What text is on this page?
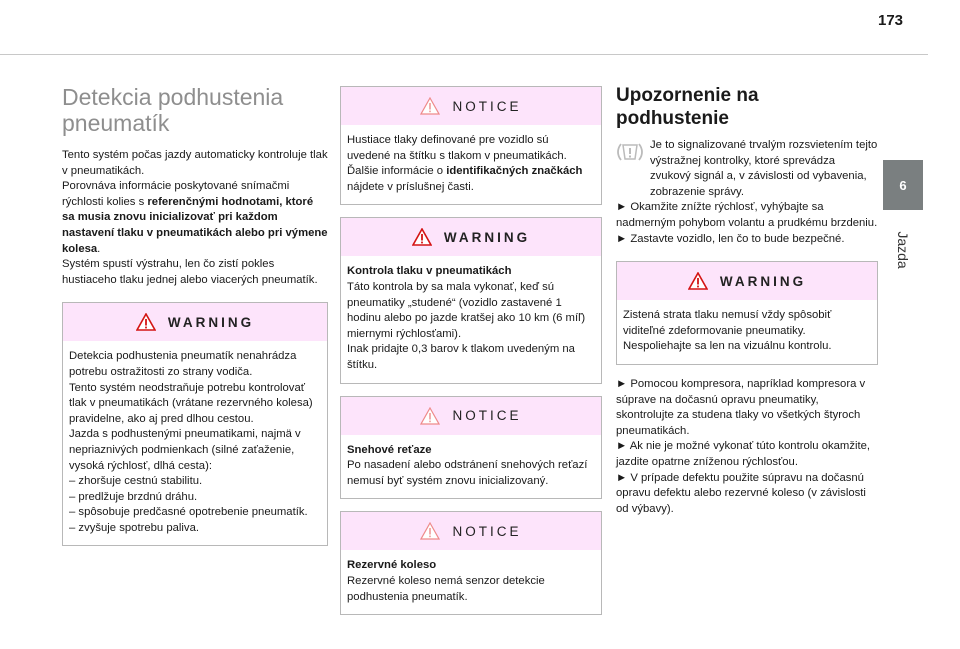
173
6
Jazda
Detekcia podhustenia
pneumatík

Tento systém počas jazdy automaticky kontroluje tlak v pneumatikách.
Porovnáva informácie poskytované snímačmi rýchlosti kolies s referenčnými hodnotami, ktoré sa musia znovu inicializovať pri každom nastavení tlaku v pneumatikách alebo pri výmene kolesa.
Systém spustí výstrahu, len čo zistí pokles hustiaceho tlaku jednej alebo viacerých pneumatík.

WARNING
Detekcia podhustenia pneumatík nenahrádza potrebu ostražitosti zo strany vodiča.
Tento systém neodstraňuje potrebu kontrolovať tlak v pneumatikách (vrátane rezervného kolesa) pravidelne, ako aj pred dlhou cestou.
Jazda s podhustenými pneumatikami, najmä v nepriaznivých podmienkach (silné zaťaženie, vysoká rýchlosť, dlhá cesta):
– zhoršuje cestnú stabilitu.
– predlžuje brzdnú dráhu.
– spôsobuje predčasné opotrebenie pneumatík.
– zvyšuje spotrebu paliva.
NOTICE
Hustiace tlaky definované pre vozidlo sú uvedené na štítku s tlakom v pneumatikách.
Ďalšie informácie o identifikačných značkách nájdete v príslušnej časti.
WARNING
Kontrola tlaku v pneumatikách
Táto kontrola by sa mala vykonať, keď sú pneumatiky „studené“ (vozidlo zastavené 1 hodinu alebo po jazde kratšej ako 10 km (6 míľ) miernymi rýchlosťami).
Inak pridajte 0,3 barov k tlakom uvedeným na štítku.
NOTICE
Snehové reťaze
Po nasadení alebo odstránení snehových reťazí nemusí byť systém znovu inicializovaný.
NOTICE
Rezervné koleso
Rezervné koleso nemá senzor detekcie podhustenia pneumatík.
Upozornenie na
podhustenie
Je to signalizované trvalým rozsvietením tejto výstražnej kontrolky, ktoré sprevádza zvukový signál a, v závislosti od vybavenia, zobrazenie správy.
► Okamžite znížte rýchlosť, vyhýbajte sa nadmerným pohybom volantu a prudkému brzdeniu.
► Zastavte vozidlo, len čo to bude bezpečné.
WARNING
Zistená strata tlaku nemusí vždy spôsobiť viditeľné zdeformovanie pneumatiky. Nespoliehajte sa len na vizuálnu kontrolu.
► Pomocou kompresora, napríklad kompresora v súprave na dočasnú opravu pneumatiky, skontrolujte za studena tlaky vo všetkých štyroch pneumatikách.
► Ak nie je možné vykonať túto kontrolu okamžite, jazdite opatrne zníženou rýchlosťou.
► V prípade defektu použite súpravu na dočasnú opravu defektu alebo rezervné koleso (v závislosti od výbavy).
